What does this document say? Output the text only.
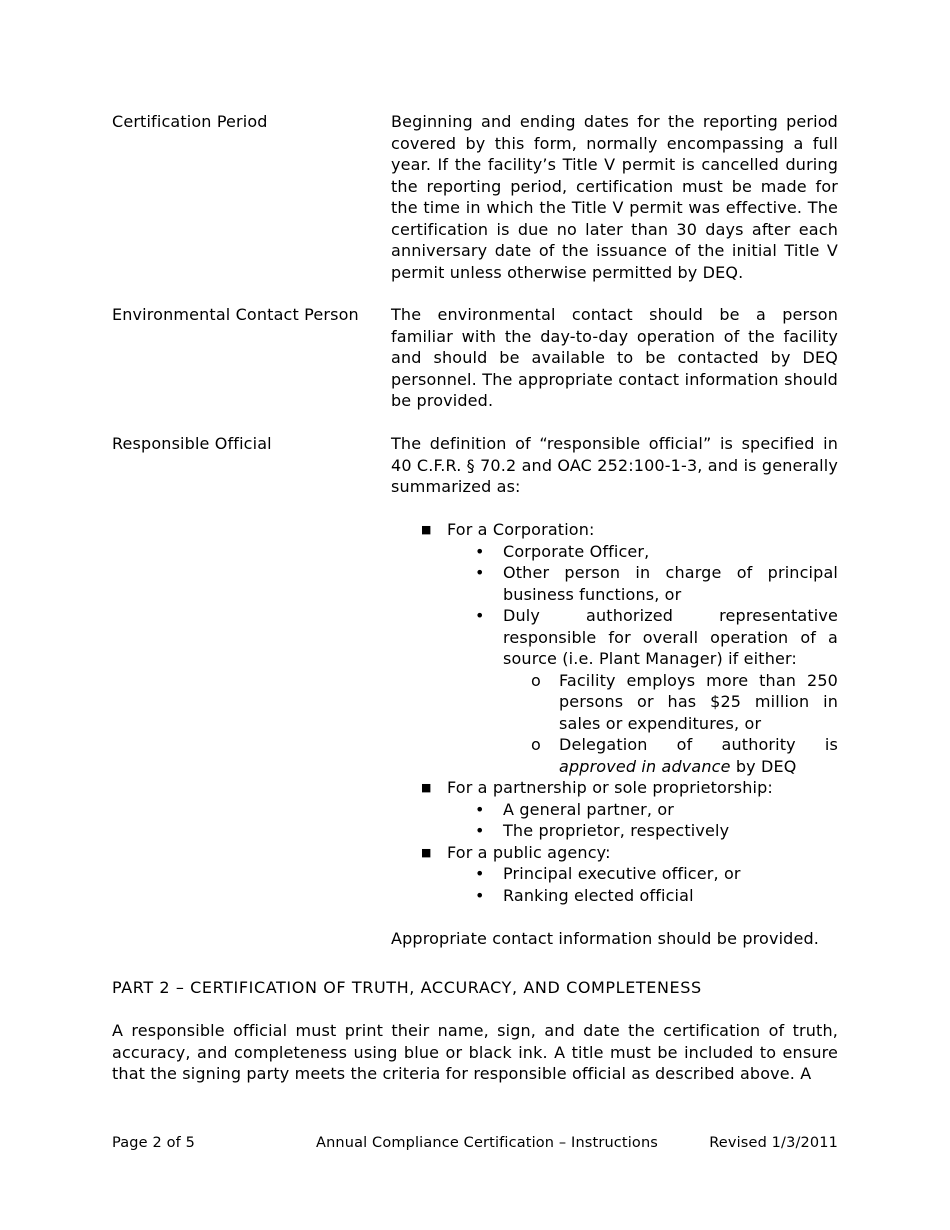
Certification Period	Beginning and ending dates for the reporting period covered by this form, normally encompassing a full year. If the facility’s Title V permit is cancelled during the reporting period, certification must be made for the time in which the Title V permit was effective. The certification is due no later than 30 days after each anniversary date of the issuance of the initial Title V permit unless otherwise permitted by DEQ.

Environmental Contact Person	The environmental contact should be a person familiar with the day-to-day operation of the facility and should be available to be contacted by DEQ personnel. The appropriate contact information should be provided.

Responsible Official	The definition of “responsible official” is specified in 40 C.F.R. § 70.2 and OAC 252:100-1-3, and is generally summarized as:

■ For a Corporation:
• Corporate Officer,
• Other person in charge of principal business functions, or
• Duly authorized representative responsible for overall operation of a source (i.e. Plant Manager) if either:
o Facility employs more than 250 persons or has $25 million in sales or expenditures, or
o Delegation of authority is approved in advance by DEQ
■ For a partnership or sole proprietorship:
• A general partner, or
• The proprietor, respectively
■ For a public agency:
• Principal executive officer, or
• Ranking elected official

Appropriate contact information should be provided.

PART 2 – CERTIFICATION OF TRUTH, ACCURACY, AND COMPLETENESS

A responsible official must print their name, sign, and date the certification of truth, accuracy, and completeness using blue or black ink. A title must be included to ensure that the signing party meets the criteria for responsible official as described above. A

Page 2 of 5	Annual Compliance Certification – Instructions	Revised 1/3/2011
